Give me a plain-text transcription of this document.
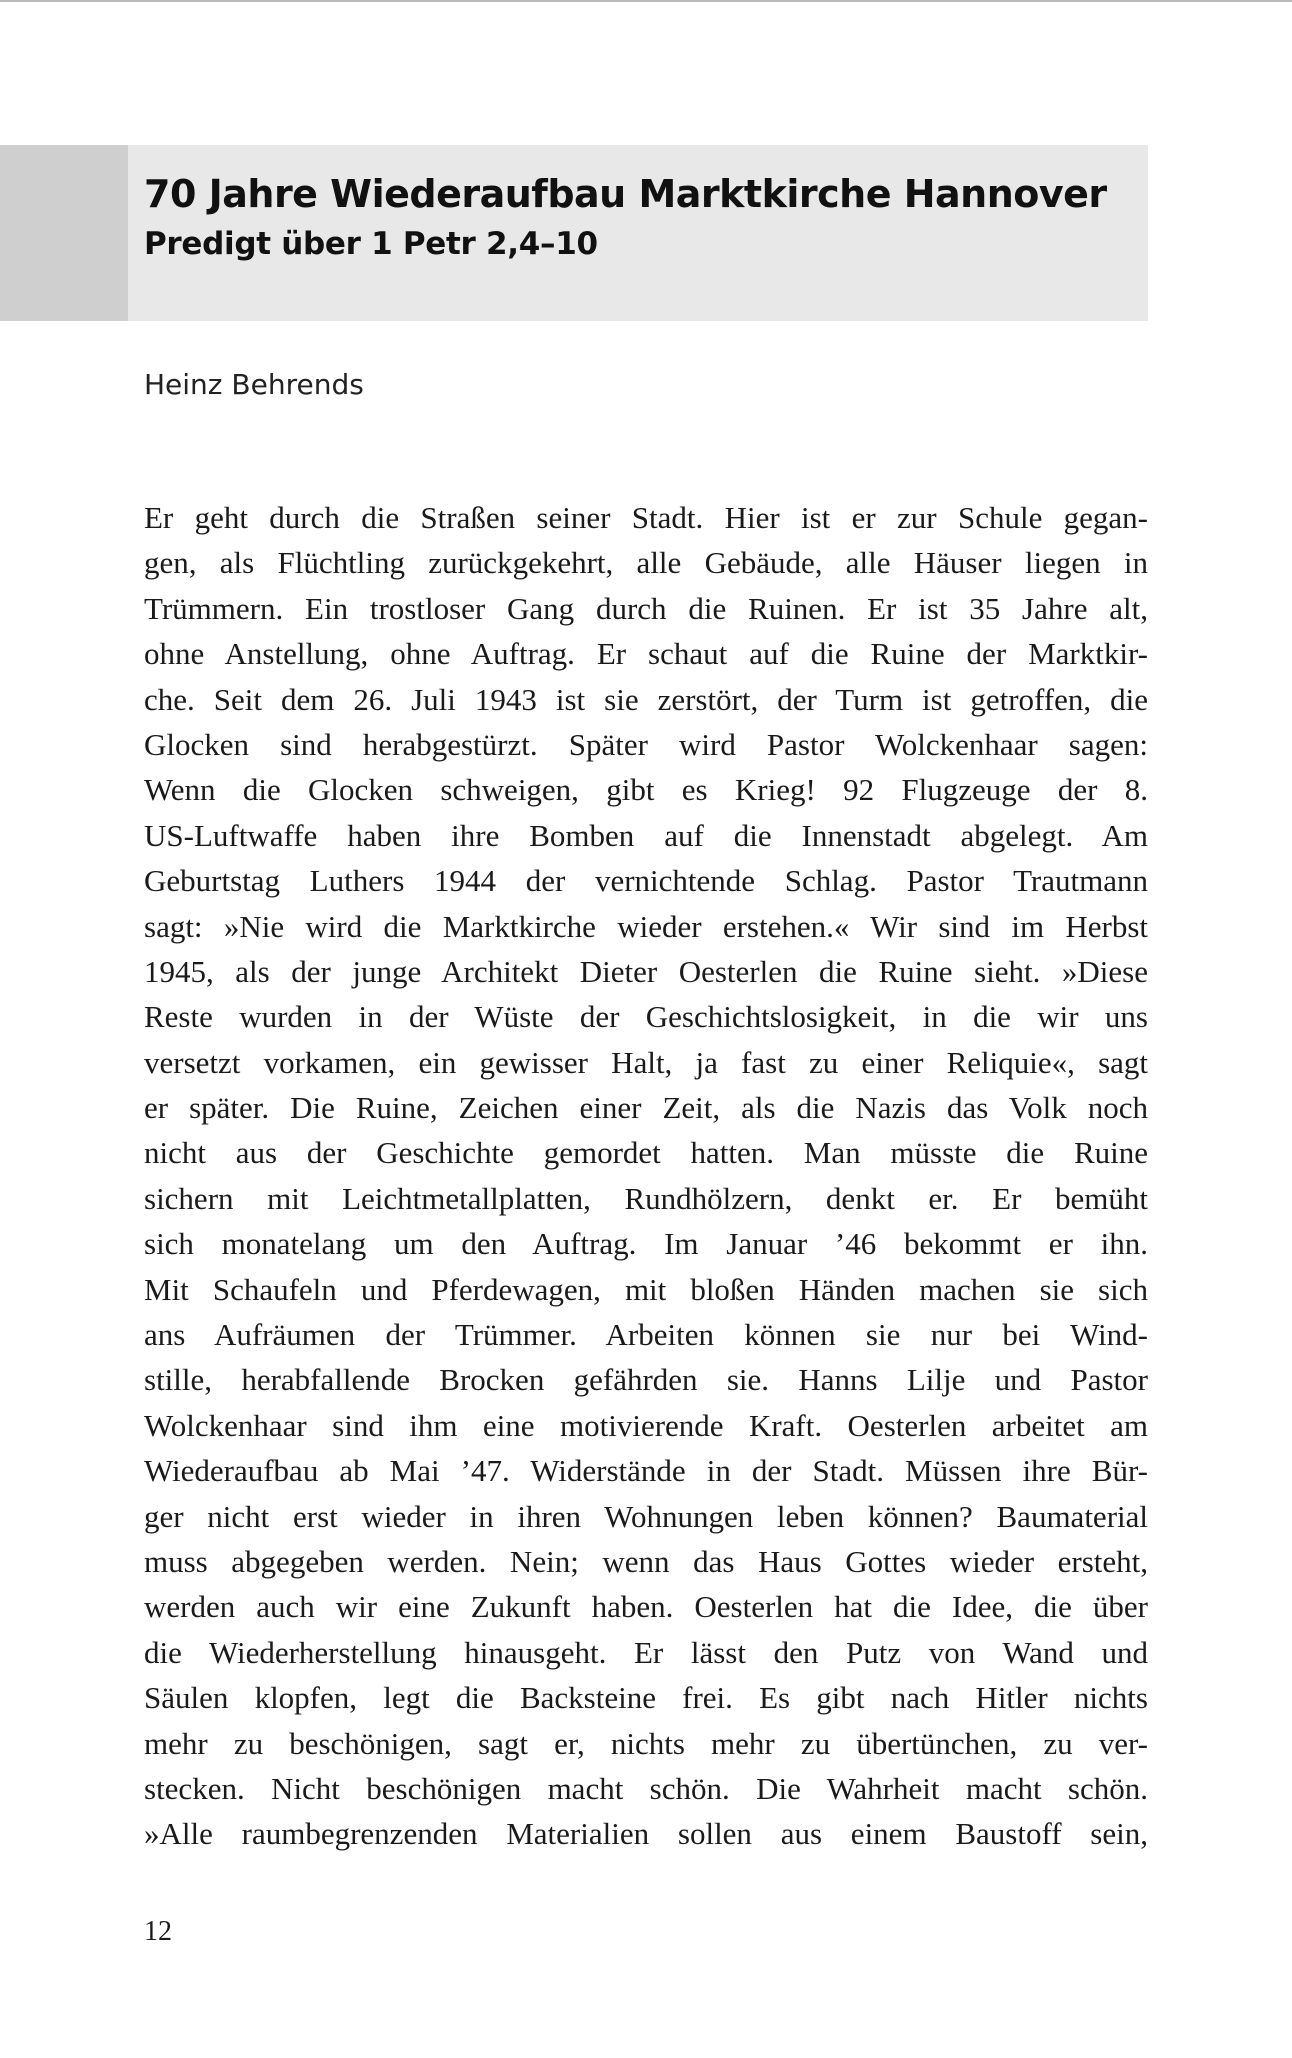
70 Jahre Wiederaufbau Marktkirche Hannover
Predigt über 1 Petr 2,4–10

Heinz Behrends

Er geht durch die Straßen seiner Stadt. Hier ist er zur Schule gegan-
gen, als Flüchtling zurückgekehrt, alle Gebäude, alle Häuser liegen in
Trümmern. Ein trostloser Gang durch die Ruinen. Er ist 35 Jahre alt,
ohne Anstellung, ohne Auftrag. Er schaut auf die Ruine der Marktkir-
che. Seit dem 26. Juli 1943 ist sie zerstört, der Turm ist getroffen, die
Glocken sind herabgestürzt. Später wird Pastor Wolckenhaar sagen:
Wenn die Glocken schweigen, gibt es Krieg! 92 Flugzeuge der 8.
US-Luftwaffe haben ihre Bomben auf die Innenstadt abgelegt. Am
Geburtstag Luthers 1944 der vernichtende Schlag. Pastor Trautmann
sagt: »Nie wird die Marktkirche wieder erstehen.« Wir sind im Herbst
1945, als der junge Architekt Dieter Oesterlen die Ruine sieht. »Diese
Reste wurden in der Wüste der Geschichtslosigkeit, in die wir uns
versetzt vorkamen, ein gewisser Halt, ja fast zu einer Reliquie«, sagt
er später. Die Ruine, Zeichen einer Zeit, als die Nazis das Volk noch
nicht aus der Geschichte gemordet hatten. Man müsste die Ruine
sichern mit Leichtmetallplatten, Rundhölzern, denkt er. Er bemüht
sich monatelang um den Auftrag. Im Januar ’46 bekommt er ihn.
Mit Schaufeln und Pferdewagen, mit bloßen Händen machen sie sich
ans Aufräumen der Trümmer. Arbeiten können sie nur bei Wind-
stille, herabfallende Brocken gefährden sie. Hanns Lilje und Pastor
Wolckenhaar sind ihm eine motivierende Kraft. Oesterlen arbeitet am
Wiederaufbau ab Mai ’47. Widerstände in der Stadt. Müssen ihre Bür-
ger nicht erst wieder in ihren Wohnungen leben können? Baumaterial
muss abgegeben werden. Nein; wenn das Haus Gottes wieder ersteht,
werden auch wir eine Zukunft haben. Oesterlen hat die Idee, die über
die Wiederherstellung hinausgeht. Er lässt den Putz von Wand und
Säulen klopfen, legt die Backsteine frei. Es gibt nach Hitler nichts
mehr zu beschönigen, sagt er, nichts mehr zu übertünchen, zu ver-
stecken. Nicht beschönigen macht schön. Die Wahrheit macht schön.
»Alle raumbegrenzenden Materialien sollen aus einem Baustoff sein,

12
